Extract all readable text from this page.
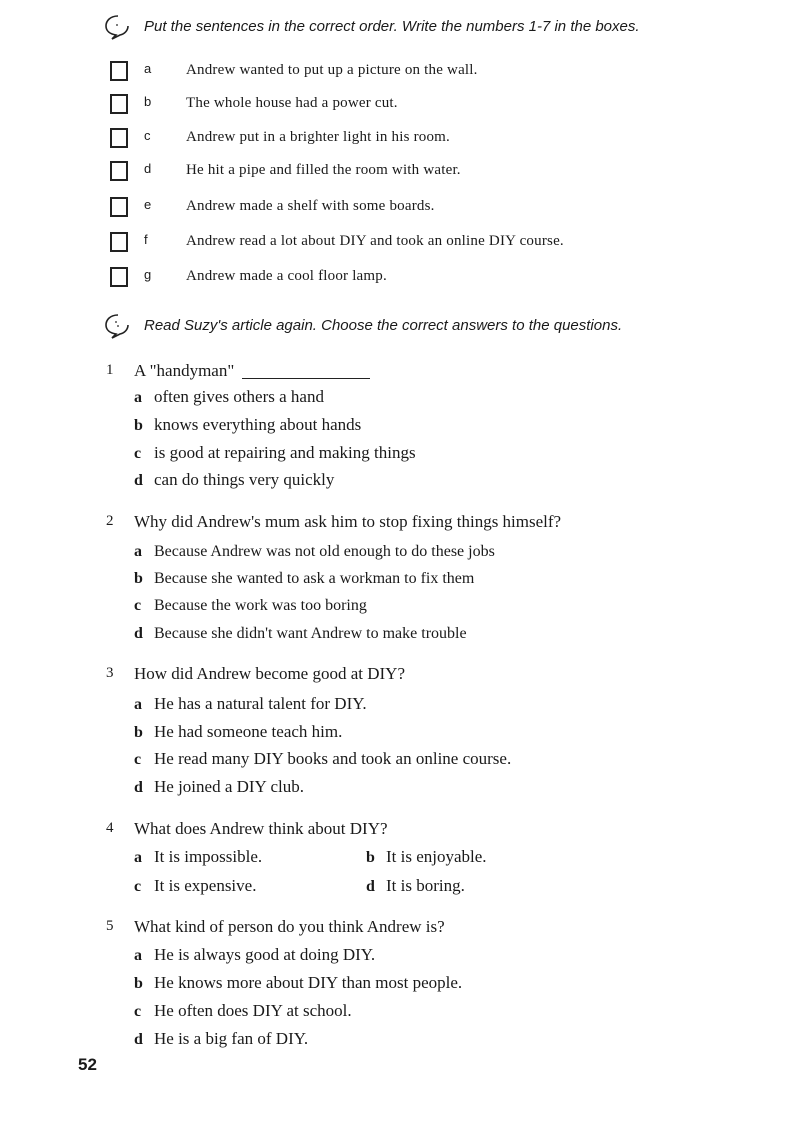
Put the sentences in the correct order. Write the numbers 1-7 in the boxes.
a Andrew wanted to put up a picture on the wall.
b The whole house had a power cut.
c Andrew put in a brighter light in his room.
d He hit a pipe and filled the room with water.
e Andrew made a shelf with some boards.
f	Andrew read a lot about DIY and took an online DIY course.
g Andrew made a cool floor lamp.
Read Suzy's article again. Choose the correct answers to the questions.
1 A "handyman"
a often gives others a hand
b knows everything about hands
c is good at repairing and making things
d can do things very quickly
2 Why did Andrew's mum ask him to stop fixing things himself?
a Because Andrew was not old enough to do these jobs
b Because she wanted to ask a workman to fix them
c Because the work was too boring
d Because she didn't want Andrew to make trouble
3 How did Andrew become good at DIY?
a He has a natural talent for DIY.
b He had someone teach him.
c He read many DIY books and took an online course.
d He joined a DIY club.
4 What does Andrew think about DIY?
a It is impossible.	b It is enjoyable.
c It is expensive.	d It is boring.
5 What kind of person do you think Andrew is?
a He is always good at doing DIY.
b He knows more about DIY than most people.
c He often does DIY at school.
d He is a big fan of DIY.
52
